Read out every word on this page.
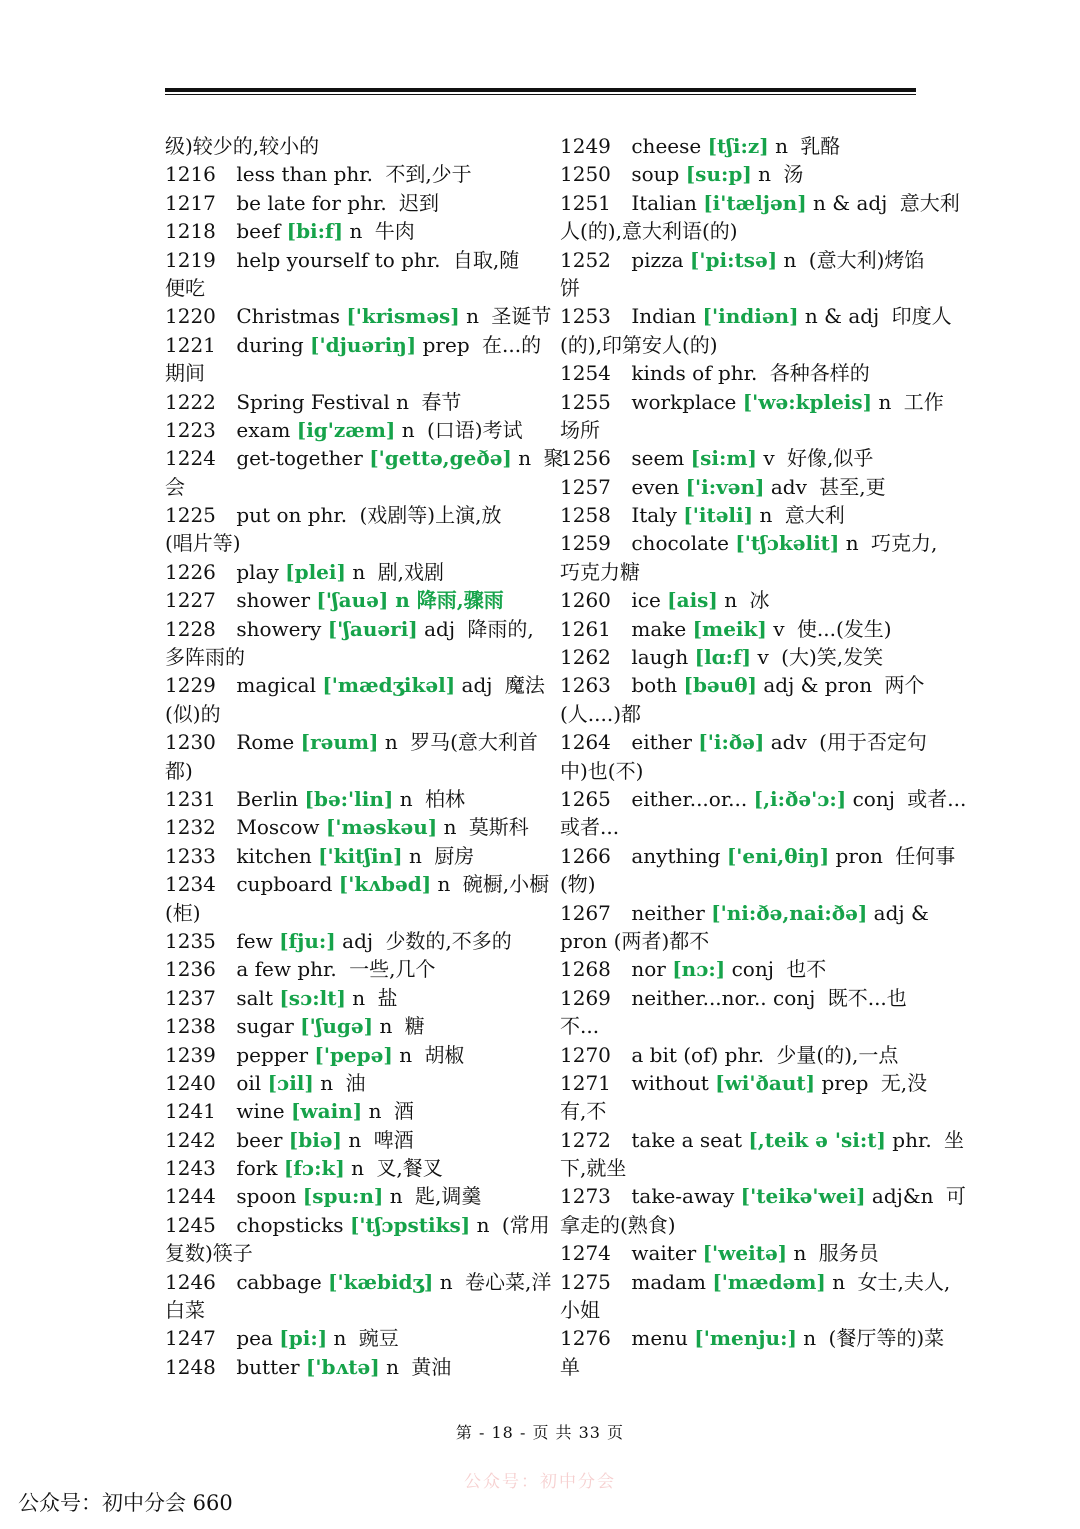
级)较少的,较小的
1216 less than phr. 不到,少于
1217 be late for phr. 迟到
1218 beef [bi:f] n 牛肉
1219 help yourself to phr. 自取,随
便吃
1220 Christmas ['krisməs] n 圣诞节
1221 during ['djuəriŋ] prep 在...的
期间
1222 Spring Festival n 春节
1223 exam [ig'zæm] n (口语)考试
1224 get-together ['gettə,geðə] n 聚
会
1225 put on phr. (戏剧等)上演,放
(唱片等)
1226 play [plei] n 剧,戏剧
1227 shower ['ʃauə] n 降雨,骤雨
1228 showery ['ʃauəri] adj 降雨的,
多阵雨的
1229 magical ['mædʒikəl] adj 魔法
(似)的
1230 Rome [rəum] n 罗马(意大利首
都)
1231 Berlin [bə:'lin] n 柏林
1232 Moscow ['məskəu] n 莫斯科
1233 kitchen ['kitʃin] n 厨房
1234 cupboard ['kʌbəd] n 碗橱,小橱
(柜)
1235 few [fju:] adj 少数的,不多的
1236 a few phr. 一些,几个
1237 salt [sɔ:lt] n 盐
1238 sugar ['ʃugə] n 糖
1239 pepper ['pepə] n 胡椒
1240 oil [ɔil] n 油
1241 wine [wain] n 酒
1242 beer [biə] n 啤酒
1243 fork [fɔ:k] n 叉,餐叉
1244 spoon [spu:n] n 匙,调羹
1245 chopsticks ['tʃɔpstiks] n (常用
复数)筷子
1246 cabbage ['kæbidʒ] n 卷心菜,洋
白菜
1247 pea [pi:] n 豌豆
1248 butter ['bʌtə] n 黄油
1249 cheese [tʃi:z] n 乳酪
1250 soup [su:p] n 汤
1251 Italian [i'tæljən] n & adj 意大利
人(的),意大利语(的)
1252 pizza ['pi:tsə] n (意大利)烤馅
饼
1253 Indian ['indiən] n & adj 印度人
(的),印第安人(的)
1254 kinds of phr. 各种各样的
1255 workplace ['wə:kpleis] n 工作
场所
1256 seem [si:m] v 好像,似乎
1257 even ['i:vən] adv 甚至,更
1258 Italy ['itəli] n 意大利
1259 chocolate ['tʃɔkəlit] n 巧克力,
巧克力糖
1260 ice [ais] n 冰
1261 make [meik] v 使...(发生)
1262 laugh [lɑ:f] v (大)笑,发笑
1263 both [bəuθ] adj & pron 两个
(人....)都
1264 either ['i:ðə] adv (用于否定句
中)也(不)
1265 either...or... [,i:ðə'ɔ:] conj 或者...
或者...
1266 anything ['eni,θiŋ] pron 任何事
(物)
1267 neither ['ni:ðə,nai:ðə] adj &
pron (两者)都不
1268 nor [nɔ:] conj 也不
1269 neither...nor.. conj 既不...也
不...
1270 a bit (of) phr. 少量(的),一点
1271 without [wi'ðaut] prep 无,没
有,不
1272 take a seat [,teik ə 'si:t] phr. 坐
下,就坐
1273 take-away ['teikə'wei] adj&n 可
拿走的(熟食)
1274 waiter ['weitə] n 服务员
1275 madam ['mædəm] n 女士,夫人,
小姐
1276 menu ['menju:] n (餐厅等的)菜
单
第 - 18 - 页 共 33 页
公众号：初中分会
公众号：初中分会 660
